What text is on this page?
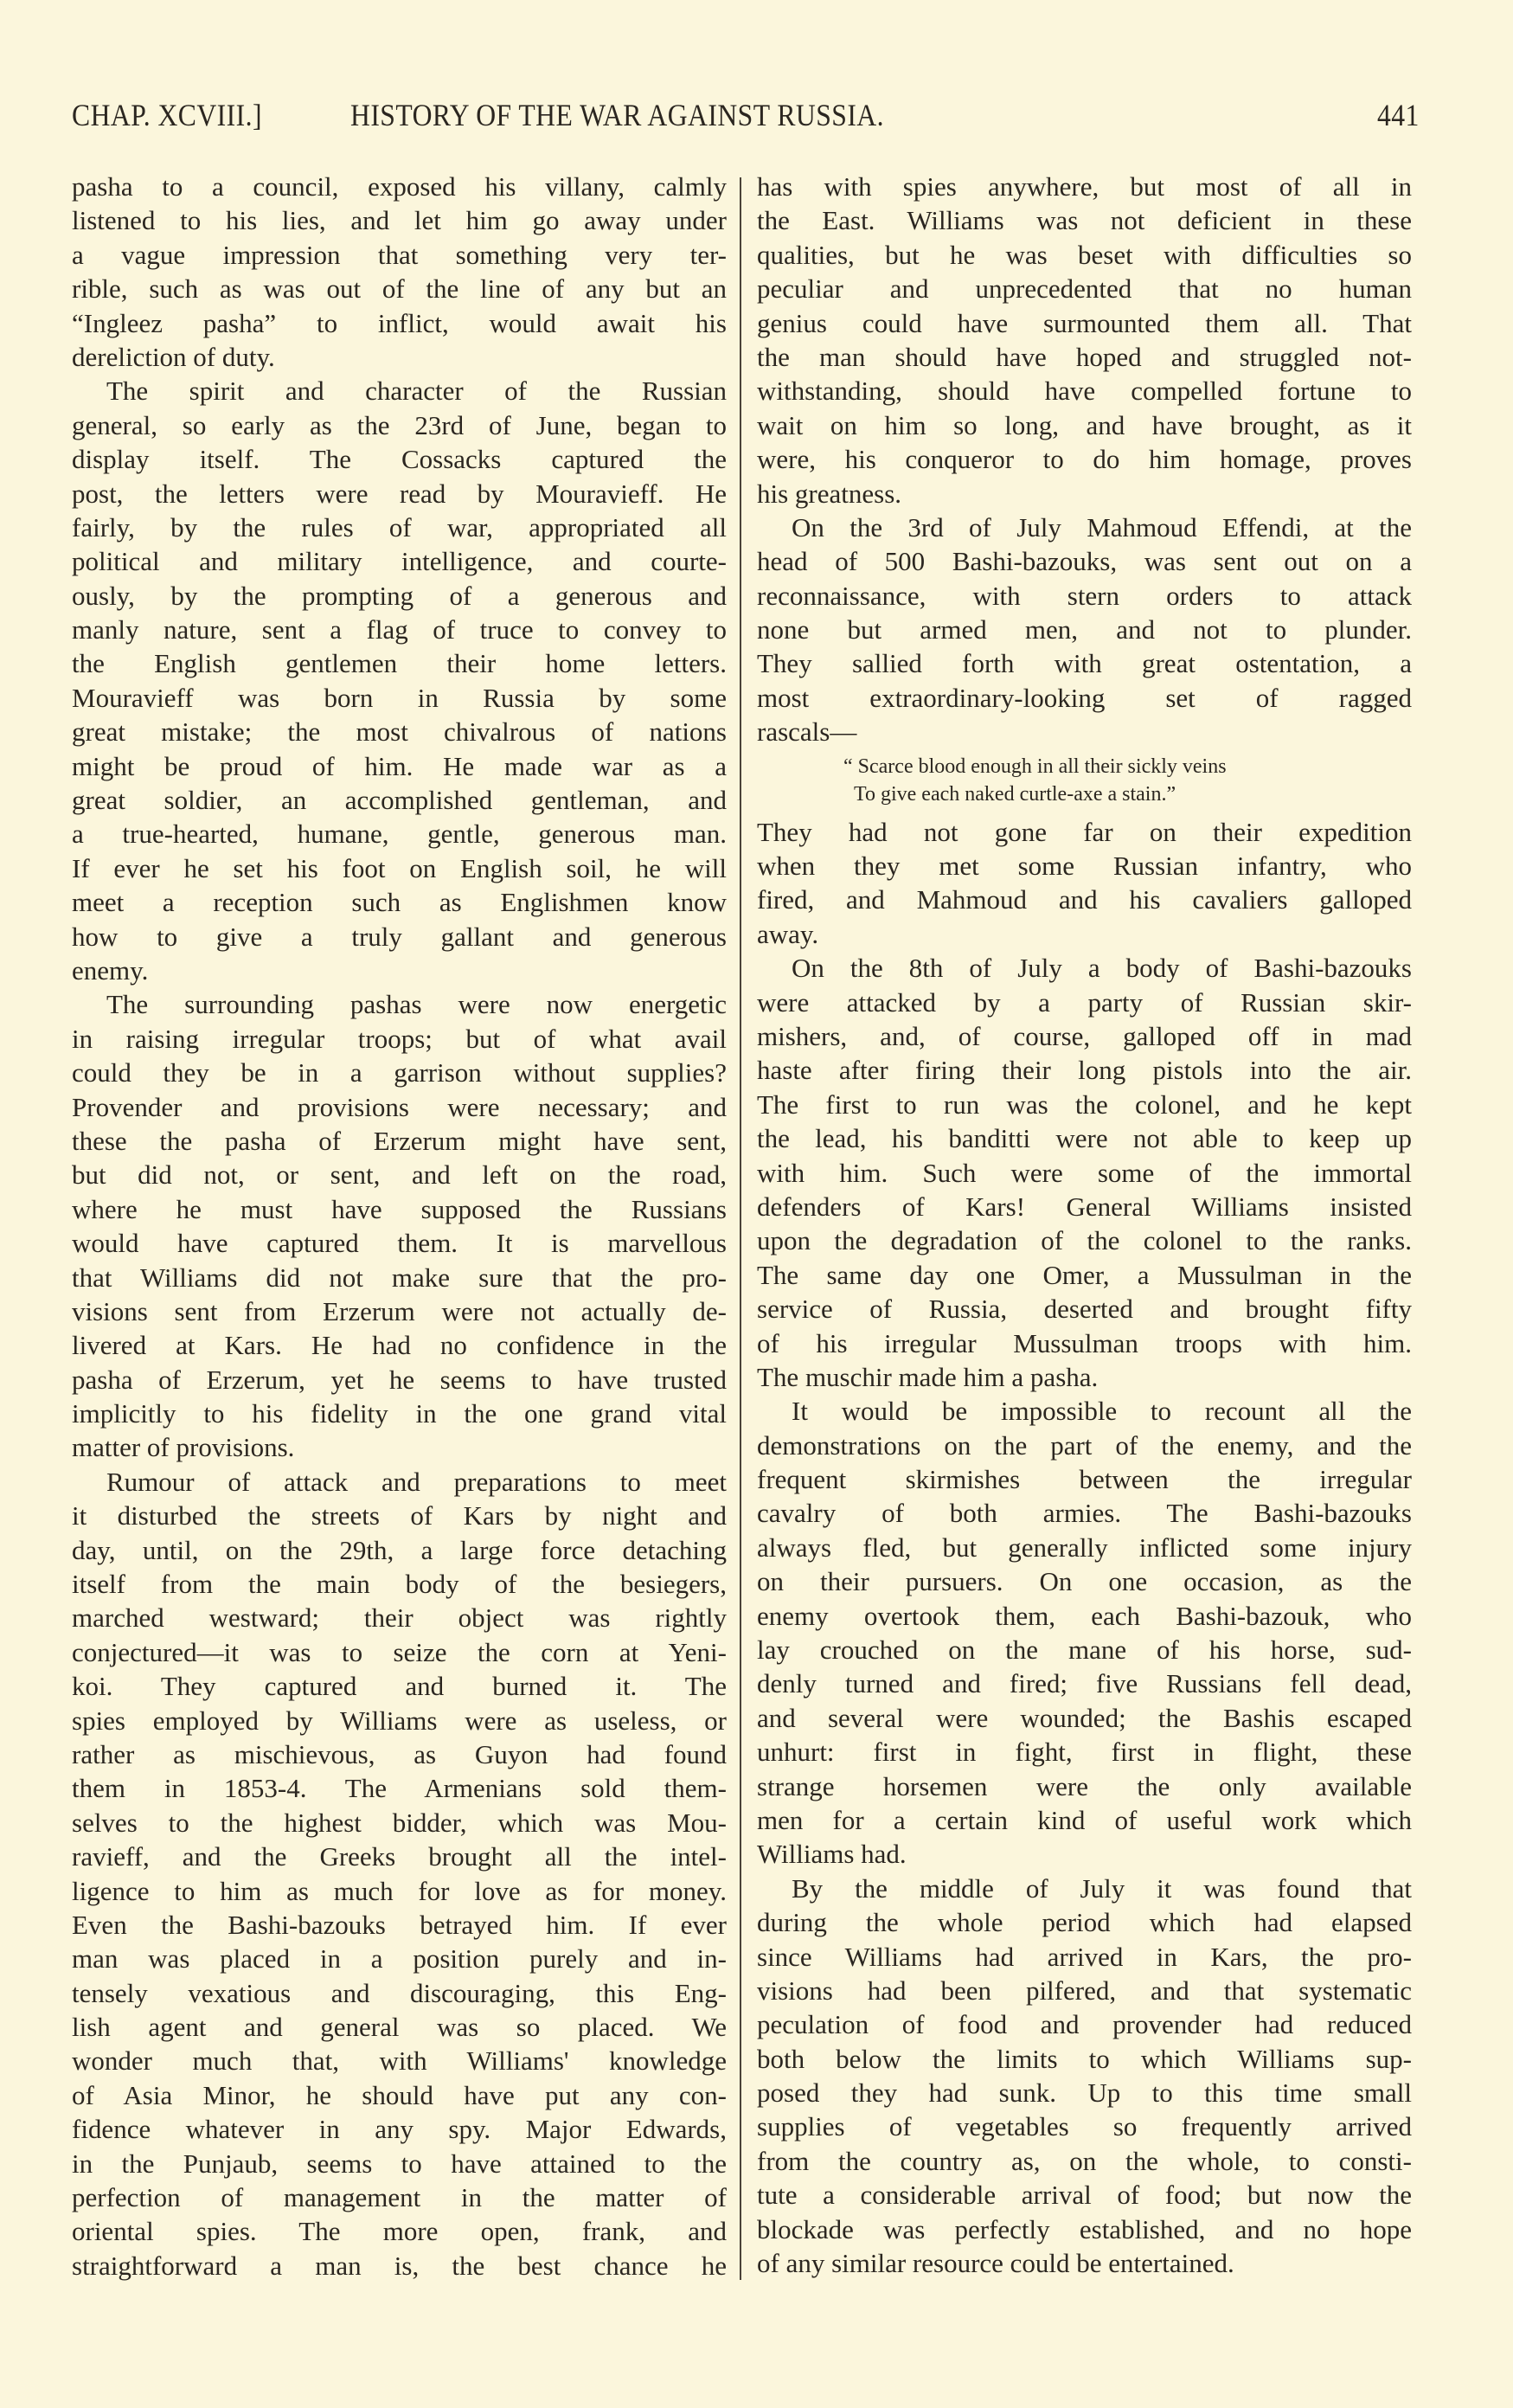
CHAP. XCVIII.]	HISTORY OF THE WAR AGAINST RUSSIA.	441
pasha to a council, exposed his villany, calmly
listened to his lies, and let him go away under
a vague impression that something very ter-
rible, such as was out of the line of any but an
“Ingleez pasha” to inflict, would await his
dereliction of duty.
The spirit and character of the Russian
general, so early as the 23rd of June, began to
display itself. The Cossacks captured the
post, the letters were read by Mouravieff. He
fairly, by the rules of war, appropriated all
political and military intelligence, and courte-
ously, by the prompting of a generous and
manly nature, sent a flag of truce to convey to
the English gentlemen their home letters.
Mouravieff was born in Russia by some
great mistake; the most chivalrous of nations
might be proud of him. He made war as a
great soldier, an accomplished gentleman, and
a true-hearted, humane, gentle, generous man.
If ever he set his foot on English soil, he will
meet a reception such as Englishmen know
how to give a truly gallant and generous
enemy.
The surrounding pashas were now energetic
in raising irregular troops; but of what avail
could they be in a garrison without supplies?
Provender and provisions were necessary; and
these the pasha of Erzerum might have sent,
but did not, or sent, and left on the road,
where he must have supposed the Russians
would have captured them. It is marvellous
that Williams did not make sure that the pro-
visions sent from Erzerum were not actually de-
livered at Kars. He had no confidence in the
pasha of Erzerum, yet he seems to have trusted
implicitly to his fidelity in the one grand vital
matter of provisions.
Rumour of attack and preparations to meet
it disturbed the streets of Kars by night and
day, until, on the 29th, a large force detaching
itself from the main body of the besiegers,
marched westward; their object was rightly
conjectured—it was to seize the corn at Yeni-
koi. They captured and burned it. The
spies employed by Williams were as useless, or
rather as mischievous, as Guyon had found
them in 1853-4. The Armenians sold them-
selves to the highest bidder, which was Mou-
ravieff, and the Greeks brought all the intel-
ligence to him as much for love as for money.
Even the Bashi-bazouks betrayed him. If ever
man was placed in a position purely and in-
tensely vexatious and discouraging, this Eng-
lish agent and general was so placed. We
wonder much that, with Williams' knowledge
of Asia Minor, he should have put any con-
fidence whatever in any spy. Major Edwards,
in the Punjaub, seems to have attained to the
perfection of management in the matter of
oriental spies. The more open, frank, and
straightforward a man is, the best chance he
has with spies anywhere, but most of all in
the East. Williams was not deficient in these
qualities, but he was beset with difficulties so
peculiar and unprecedented that no human
genius could have surmounted them all. That
the man should have hoped and struggled not-
withstanding, should have compelled fortune to
wait on him so long, and have brought, as it
were, his conqueror to do him homage, proves
his greatness.
On the 3rd of July Mahmoud Effendi, at the
head of 500 Bashi-bazouks, was sent out on a
reconnaissance, with stern orders to attack
none but armed men, and not to plunder.
They sallied forth with great ostentation, a
most extraordinary-looking set of ragged
rascals—
“ Scarce blood enough in all their sickly veins
To give each naked curtle-axe a stain.”
They had not gone far on their expedition
when they met some Russian infantry, who
fired, and Mahmoud and his cavaliers galloped
away.
On the 8th of July a body of Bashi-bazouks
were attacked by a party of Russian skir-
mishers, and, of course, galloped off in mad
haste after firing their long pistols into the air.
The first to run was the colonel, and he kept
the lead, his banditti were not able to keep up
with him. Such were some of the immortal
defenders of Kars! General Williams insisted
upon the degradation of the colonel to the ranks.
The same day one Omer, a Mussulman in the
service of Russia, deserted and brought fifty
of his irregular Mussulman troops with him.
The muschir made him a pasha.
It would be impossible to recount all the
demonstrations on the part of the enemy, and the
frequent skirmishes between the irregular
cavalry of both armies. The Bashi-bazouks
always fled, but generally inflicted some injury
on their pursuers. On one occasion, as the
enemy overtook them, each Bashi-bazouk, who
lay crouched on the mane of his horse, sud-
denly turned and fired; five Russians fell dead,
and several were wounded; the Bashis escaped
unhurt: first in fight, first in flight, these
strange horsemen were the only available
men for a certain kind of useful work which
Williams had.
By the middle of July it was found that
during the whole period which had elapsed
since Williams had arrived in Kars, the pro-
visions had been pilfered, and that systematic
peculation of food and provender had reduced
both below the limits to which Williams sup-
posed they had sunk. Up to this time small
supplies of vegetables so frequently arrived
from the country as, on the whole, to consti-
tute a considerable arrival of food; but now the
blockade was perfectly established, and no hope
of any similar resource could be entertained.
